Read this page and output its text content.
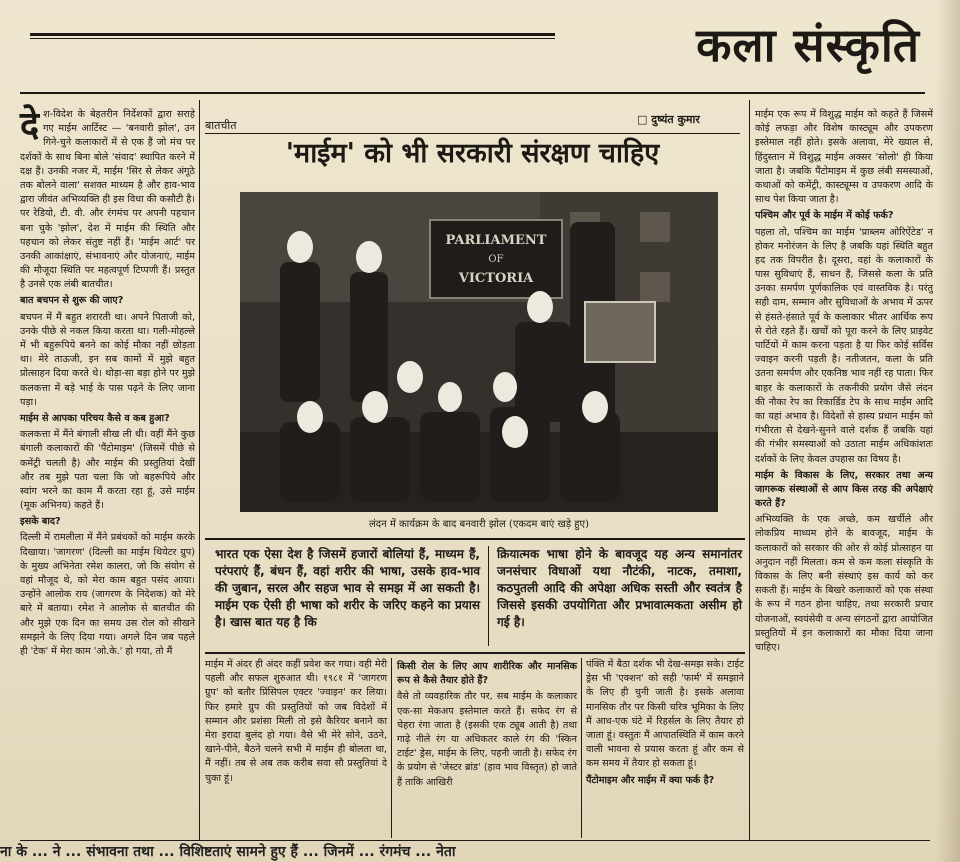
कला संस्कृति

देश-विदेश के बेहतरीन निर्देशकों द्वारा सराहे गए माईम आर्टिस्ट — 'बनवारी झोल', उन गिने-चुने कलाकारों में से एक हैं जो मंच पर दर्शकों के साथ बिना बोले 'संवाद' स्थापित करने में दक्ष हैं। उनकी नजर में, माईम 'सिर से लेकर अंगूठे तक बोलने वाला' सशक्त माध्यम है और हाव-भाव द्वारा जीवंत अभिव्यक्ति ही इस विधा की कसौटी है। पर रेडियो, टी. वी. और रंगमंच पर अपनी पहचान बना चुके 'झोल', देश में माईम की स्थिति और पहचान को लेकर संतुष्ट नहीं हैं। 'माईम आर्ट' पर उनकी आकांक्षाएं, संभावनाएं और योजनाएं, माईम की मौजूदा स्थिति पर महत्वपूर्ण टिप्पणी हैं। प्रस्तुत है उनसे एक लंबी बातचीत।

बात बचपन से शुरू की जाए?

बचपन में मैं बहुत शरारती था। अपने पिताजी को, उनके पीछे से नकल किया करता था। गली-मोहल्ले में भी बहुरूपिये बनने का कोई मौका नहीं छोड़ता था। मेरे ताऊजी, इन सब कामों में मुझे बहुत प्रोत्साहन दिया करते थे। थोड़ा-सा बड़ा होने पर मुझे कलकत्ता में बड़े भाई के पास पढ़ने के लिए जाना पड़ा।

माईम से आपका परिचय कैसे व कब हुआ?

कलकत्ता में मैंने बंगाली सीख ली थी। वहीं मैंने कुछ बंगाली कलाकारों की 'पैंटोमाइम' (जिसमें पीछे से कमेंट्री चलती है) और माईम की प्रस्तुतियां देखीं और तब मुझे पता चला कि जो बहरूपिये और स्वांग भरने का काम मैं करता रहा हूं, उसे माईम (मूक अभिनय) कहते हैं।

इसके बाद?

दिल्ली में रामलीला में मैंने प्रबंधकों को माईम करके दिखाया। 'जागरण' (दिल्ली का माईम थियेटर ग्रुप) के मुख्य अभिनेता रमेश कालरा, जो कि संयोग से वहां मौजूद थे, को मेरा काम बहुत पसंद आया। उन्होंने आलोक राय (जागरण के निदेशक) को मेरे बारे में बताया। रमेश ने आलोक से बातचीत की और मुझे एक दिन का समय उस रोल को सीखने समझने के लिए दिया गया। अगले दिन जब पहले ही 'टेक' में मेरा काम 'ओ.के.' हो गया, तो मैं

बातचीत	□ दुष्यंत कुमार
'माईम' को भी सरकारी संरक्षण चाहिए
PARLIAMENT
OF
VICTORIA
लंदन में कार्यक्रम के बाद बनवारी झोल (एकदम बाएं खड़े हुए)
भारत एक ऐसा देश है जिसमें हजारों बोलियां हैं, माध्यम हैं, परंपराएं हैं, बंधन हैं, वहां शरीर की भाषा, उसके हाव-भाव की जुबान, सरल और सहज भाव से समझ में आ सकती है। माईम एक ऐसी ही भाषा को शरीर के जरिए कहने का प्रयास है। खास बात यह है कि
क्रियात्मक भाषा होने के बावजूद यह अन्य समानांतर जनसंचार विधाओं यथा नौटंकी, नाटक, तमाशा, कठपुतली आदि की अपेक्षा अधिक सस्ती और स्वतंत्र है जिससे इसकी उपयोगिता और प्रभावात्मकता असीम हो गई है।

माईम में अंदर ही अंदर कहीं प्रवेश कर गया। वही मेरी पहली और सफल शुरुआत थी। १९८१ में 'जागरण ग्रुप' को बतौर प्रिंसिपल एक्टर 'ज्वाइन' कर लिया। फिर हमारे ग्रुप की प्रस्तुतियों को जब विदेशों में सम्मान और प्रशंसा मिली तो इसे कैरियर बनाने का मेरा इरादा बुलंद हो गया। वैसे भी मेरे सोने, उठने, खाने-पीने, बैठने चलने सभी में माईम ही बोलता था, मैं नहीं। तब से अब तक करीब सवा सौ प्रस्तुतियां दे चुका हूं।

किसी रोल के लिए आप शारीरिक और मानसिक रूप से कैसे तैयार होते हैं?

वैसे तो व्यवहारिक तौर पर, सब माईम के कलाकार एक-सा मेकअप इस्तेमाल करते हैं। सफेद रंग से चेहरा रंगा जाता है (इसकी एक ट्यूब आती है) तथा गाढ़े नीले रंग या अधिकतर काले रंग की 'स्किन टाईट' ड्रेस, माईम के लिए, पहनी जाती है। सफेद रंग के प्रयोग से 'जेस्टर ब्रांड' (हाव भाव विस्तृत) हो जाते हैं ताकि आखिरी

पंक्ति में बैठा दर्शक भी देख-समझ सके। टाईट ड्रेस भी 'एक्शन' को सही 'फार्म' में समझाने के लिए ही चुनी जाती है। इसके अलावा मानसिक तौर पर किसी चरित्र भूमिका के लिए मैं आध-एक घंटे में रिहर्सल के लिए तैयार हो जाता हूं। वस्तुतः मैं आपातस्थिति में काम करने वाली भावना से प्रयास करता हूं और कम से कम समय में तैयार हो सकता हूं।

पैंटोमाइम और माईम में क्या फर्क है?

माईम एक रूप में विशुद्ध माईम को कहते हैं जिसमें कोई लफड़ा और विशेष कास्ट्यूम और उपकरण इस्तेमाल नहीं होते। इसके अलावा, मेरे ख्याल से, हिंदुस्तान में विशुद्ध माईम अक्सर 'सोलो' ही किया जाता है। जबकि पैंटोमाइम में कुछ लंबी समस्याओं, कथाओं को कमेंट्री, कास्ट्यूम्स व उपकरण आदि के साथ पेश किया जाता है।

पश्चिम और पूर्व के माईम में कोई फर्क?

पहला तो, पश्चिम का माईम 'प्राब्लम ओरिऐंटेड' न होकर मनोरंजन के लिए है जबकि यहां स्थिति बहुत हद तक विपरीत है। दूसरा, वहां के कलाकारों के पास सुविधाएं हैं, साधन हैं, जिससे कला के प्रति उनका समर्पण पूर्णकालिक एवं वास्तविक है। परंतु सही दाम, सम्मान और सुविधाओं के अभाव में ऊपर से हंसते-हंसाते पूर्व के कलाकार भीतर आर्थिक रूप से रोते रहते हैं। खर्चों को पूरा करने के लिए प्राइवेट पार्टियों में काम करना पड़ता है या फिर कोई सर्विस ज्वाइन करनी पड़ती है। नतीजतन, कला के प्रति उतना समर्पण और एकनिष्ठ भाव नहीं रह पाता। फिर बाहर के कलाकारों के तकनीकी प्रयोग जैसे लंदन की नौका रेप का रिकार्डिड टेप के साथ माईम आदि का यहां अभाव है। विदेशों से हास्य प्रधान माईम को गंभीरता से देखने-सुनने वाले दर्शक हैं जबकि यहां की गंभीर समस्याओं को उठाता माईम अधिकांशतः दर्शकों के लिए केवल उपहास का विषय है।

माईम के विकास के लिए, सरकार तथा अन्य जागरूक संस्थाओं से आप किस तरह की अपेक्षाएं करते हैं?

अभिव्यक्ति के एक अच्छे, कम खर्चीले और लोकप्रिय माध्यम होने के बावजूद, माईम के कलाकारों को सरकार की ओर से कोई प्रोत्साहन या अनुदान नहीं मिलता। कम से कम कला संस्कृति के विकास के लिए बनी संस्थाएं इस कार्य को कर सकती हैं। माईम के बिखरे कलाकारों को एक संस्था के रूप में गठन होना चाहिए, तथा सरकारी प्रचार योजनाओं, स्वयंसेवी व अन्य संगठनों द्वारा आयोजित प्रस्तुतियों में इन कलाकारों का मौका दिया जाना चाहिए।

ना के ... ने ... संभावना तथा ... विशिष्टताएं सामने हुए हैं ... जिनमें ... रंगमंच ... नेता
